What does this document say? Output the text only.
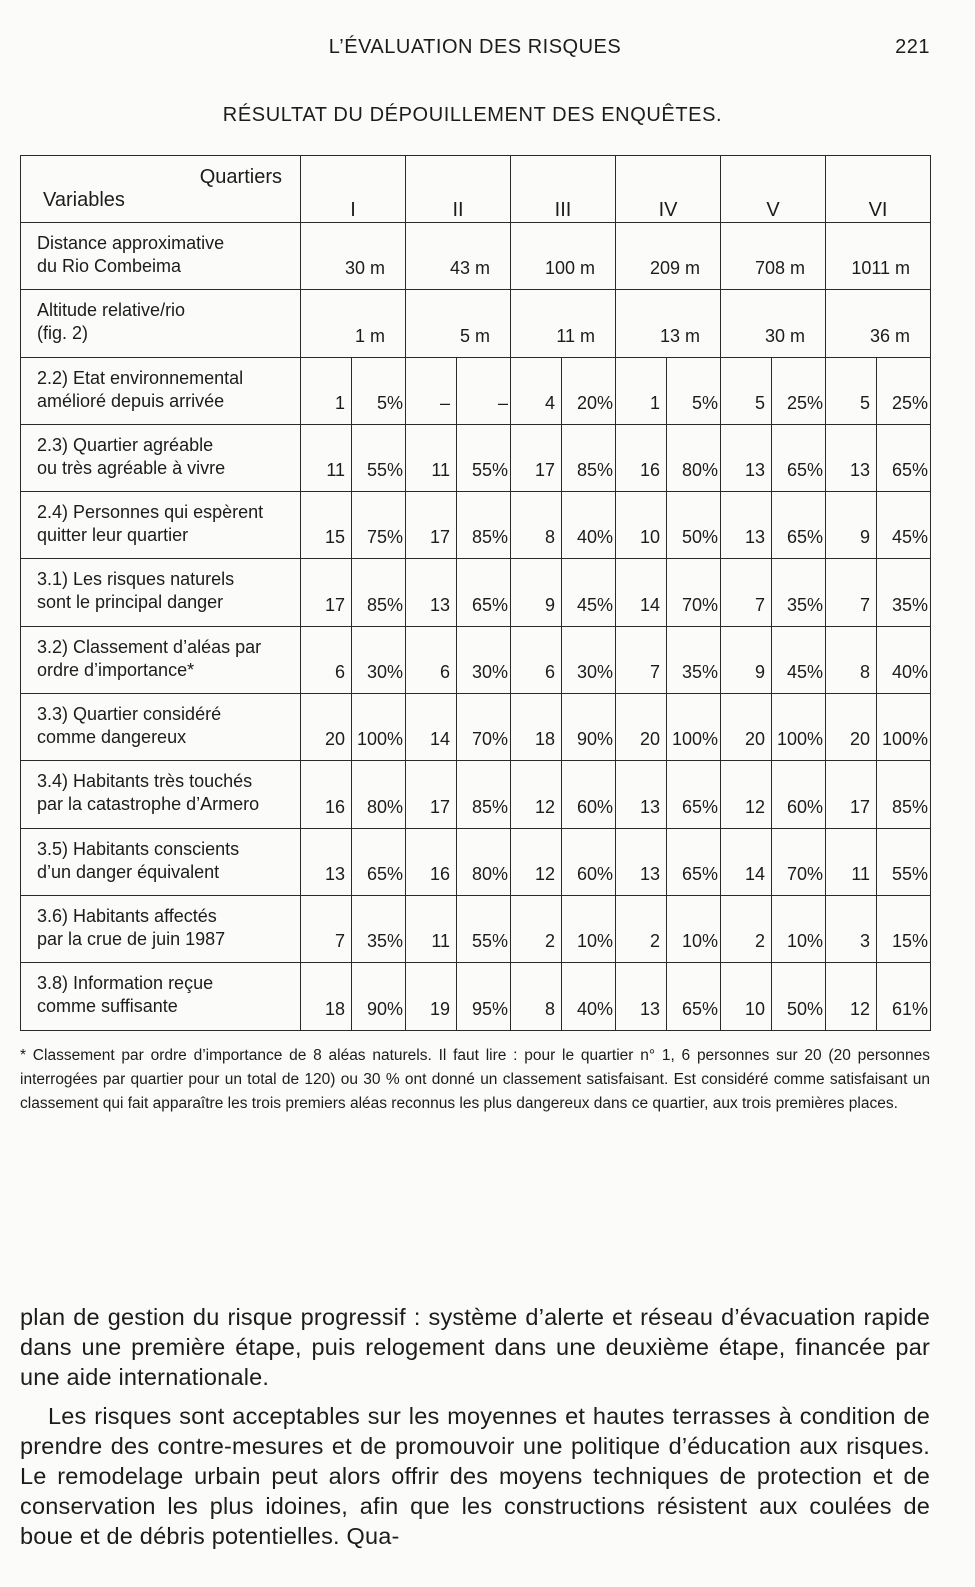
L’ÉVALUATION DES RISQUES	221
RÉSULTAT DU DÉPOUILLEMENT DES ENQUÊTES.
Quartiers
Variables	I		II		III		IV		V		VI	

Distance approximative
du Rio Combeima	30 m		43 m		100 m		209 m		708 m		1011 m	

Altitude relative/rio
(fig. 2)	1 m		5 m		11 m		13 m		30 m		36 m	

2.2) Etat environnemental
amélioré depuis arrivée	1	5%	–	–	4	20%	1	5%	5	25%	5	25%

2.3) Quartier agréable
ou très agréable à vivre	11	55%	11	55%	17	85%	16	80%	13	65%	13	65%

2.4) Personnes qui espèrent
quitter leur quartier	15	75%	17	85%	8	40%	10	50%	13	65%	9	45%

3.1) Les risques naturels
sont le principal danger	17	85%	13	65%	9	45%	14	70%	7	35%	7	35%

3.2) Classement d’aléas par
ordre d’importance*	6	30%	6	30%	6	30%	7	35%	9	45%	8	40%

3.3) Quartier considéré
comme dangereux	20	100%	14	70%	18	90%	20	100%	20	100%	20	100%

3.4) Habitants très touchés
par la catastrophe d’Armero	16	80%	17	85%	12	60%	13	65%	12	60%	17	85%

3.5) Habitants conscients
d’un danger équivalent	13	65%	16	80%	12	60%	13	65%	14	70%	11	55%

3.6) Habitants affectés
par la crue de juin 1987	7	35%	11	55%	2	10%	2	10%	2	10%	3	15%

3.8) Information reçue
comme suffisante	18	90%	19	95%	8	40%	13	65%	10	50%	12	61%
* Classement par ordre d’importance de 8 aléas naturels. Il faut lire : pour le quartier n° 1, 6 personnes sur 20 (20 personnes interrogées par quartier pour un total de 120) ou 30 % ont donné un classement satisfaisant. Est considéré comme satisfaisant un classement qui fait apparaître les trois premiers aléas reconnus les plus dangereux dans ce quartier, aux trois premières places.

plan de gestion du risque progressif : système d’alerte et réseau d’évacuation rapide dans une première étape, puis relogement dans une deuxième étape, financée par une aide internationale.

Les risques sont acceptables sur les moyennes et hautes terrasses à condition de prendre des contre-mesures et de promouvoir une politique d’éducation aux risques. Le remodelage urbain peut alors offrir des moyens techniques de protection et de conservation les plus idoines, afin que les constructions résistent aux coulées de boue et de débris potentielles. Qua-
